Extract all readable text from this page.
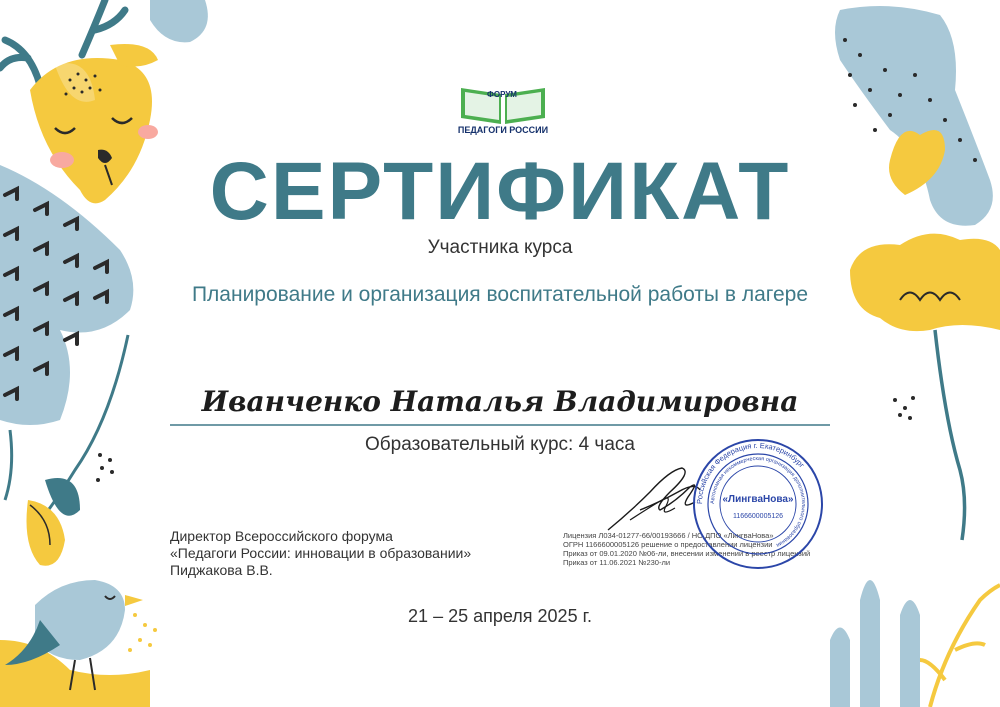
ФОРУМ
ПЕДАГОГИ РОССИИ
СЕРТИФИКАТ
Участника курса
Планирование и организация воспитательной работы в лагере
Иванченко Наталья Владимировна
Образовательный курс: 4 часа
Директор Всероссийского форума
«Педагоги России: инновации в образовании»
Пиджакова В.В.
Лицензия Л034-01277-66/00193666 / НО ДПО «ЛингваНова»
ОГРН 1166600005126 решение о предоставлении лицензии
Приказ от 09.01.2020 №06-ли, внесении изменений в реестр лицензий
Приказ от 11.06.2021 №230-ли
Российская Федерация г. Екатеринбург
Автономная некоммерческая организация дополнительного образования
«ЛингваНова»
1166600005126
21 – 25 апреля 2025 г.
